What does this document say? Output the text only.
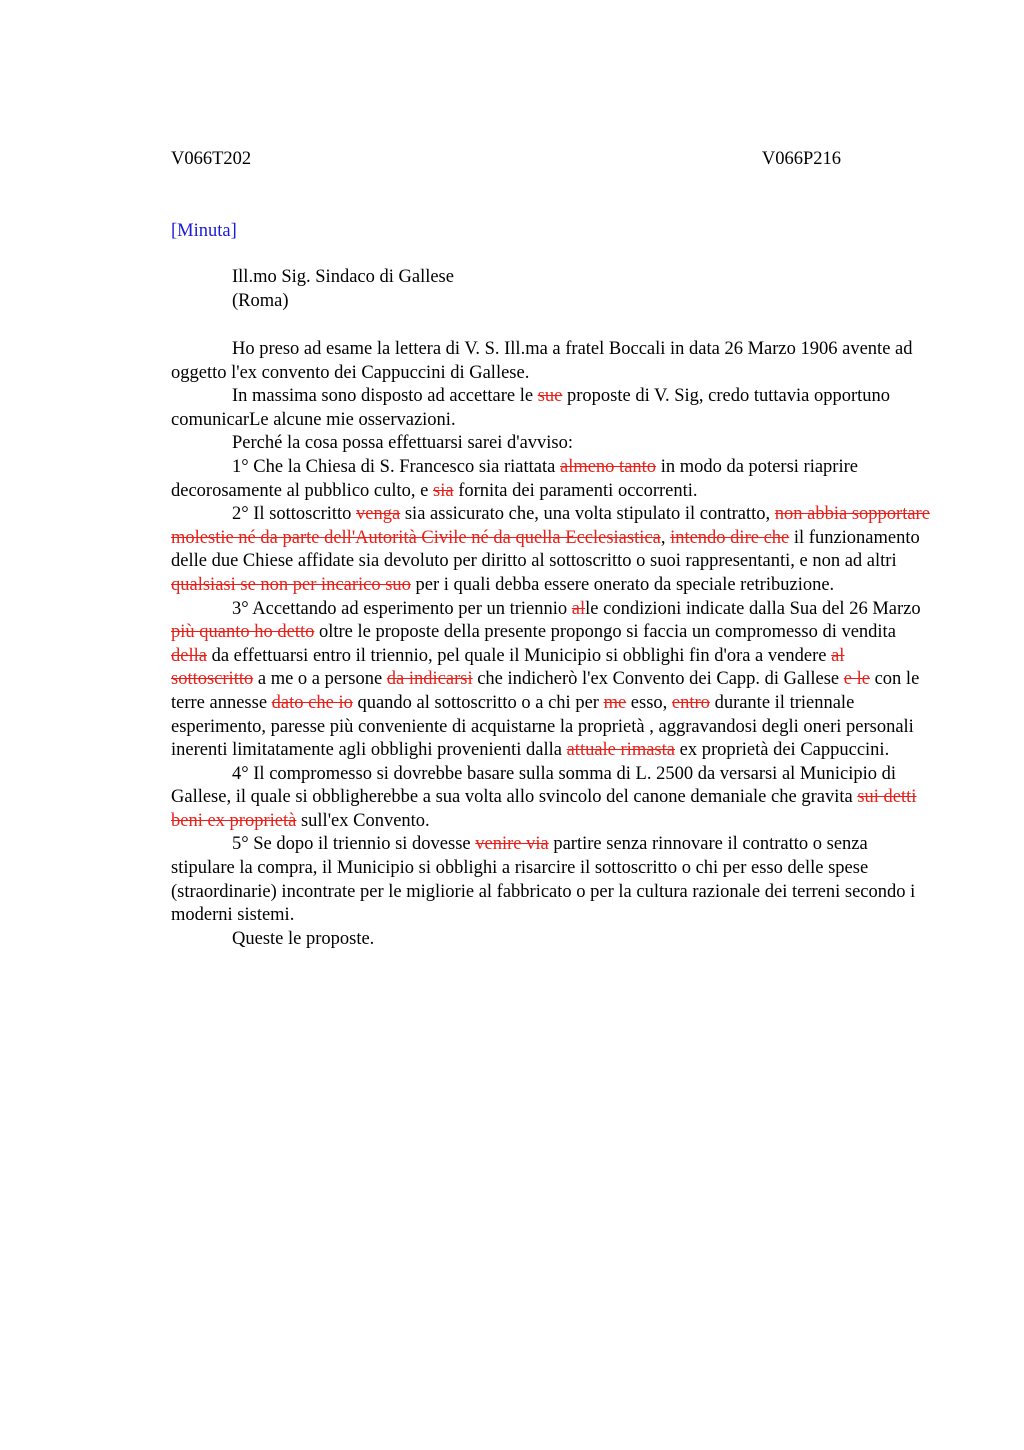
V066T202	V066P216
[Minuta]
Ill.mo Sig. Sindaco di Gallese
(Roma)

Ho preso ad esame la lettera di V. S. Ill.ma a fratel Boccali in data 26 Marzo 1906 avente ad oggetto l'ex convento dei Cappuccini di Gallese.

In massima sono disposto ad accettare le sue proposte di V. Sig, credo tuttavia opportuno comunicarLe alcune mie osservazioni.

Perché la cosa possa effettuarsi sarei d'avviso:

1° Che la Chiesa di S. Francesco sia riattata almeno tanto in modo da potersi riaprire decorosamente al pubblico culto, e sia fornita dei paramenti occorrenti.

2° Il sottoscritto venga sia assicurato che, una volta stipulato il contratto, non abbia sopportare molestie né da parte dell'Autorità Civile né da quella Ecclesiastica, intendo dire che il funzionamento delle due Chiese affidate sia devoluto per diritto al sottoscritto o suoi rappresentanti, e non ad altri qualsiasi se non per incarico suo per i quali debba essere onerato da speciale retribuzione.

3° Accettando ad esperimento per un triennio alle condizioni indicate dalla Sua del 26 Marzo più quanto ho detto oltre le proposte della presente propongo si faccia un compromesso di vendita della da effettuarsi entro il triennio, pel quale il Municipio si obblighi fin d'ora a vendere al sottoscritto a me o a persone da indicarsi che indicherò l'ex Convento dei Capp. di Gallese e le con le terre annesse dato che io quando al sottoscritto o a chi per me esso, entro durante il triennale esperimento, paresse più conveniente di acquistarne la proprietà , aggravandosi degli oneri personali inerenti limitatamente agli obblighi provenienti dalla attuale rimasta ex proprietà dei Cappuccini.

4° Il compromesso si dovrebbe basare sulla somma di L. 2500 da versarsi al Municipio di Gallese, il quale si obbligherebbe a sua volta allo svincolo del canone demaniale che gravita sui detti beni ex proprietà sull'ex Convento.

5° Se dopo il triennio si dovesse venire via partire senza rinnovare il contratto o senza stipulare la compra, il Municipio si obblighi a risarcire il sottoscritto o chi per esso delle spese (straordinarie) incontrate per le migliorie al fabbricato o per la cultura razionale dei terreni secondo i moderni sistemi.

Queste le proposte.
